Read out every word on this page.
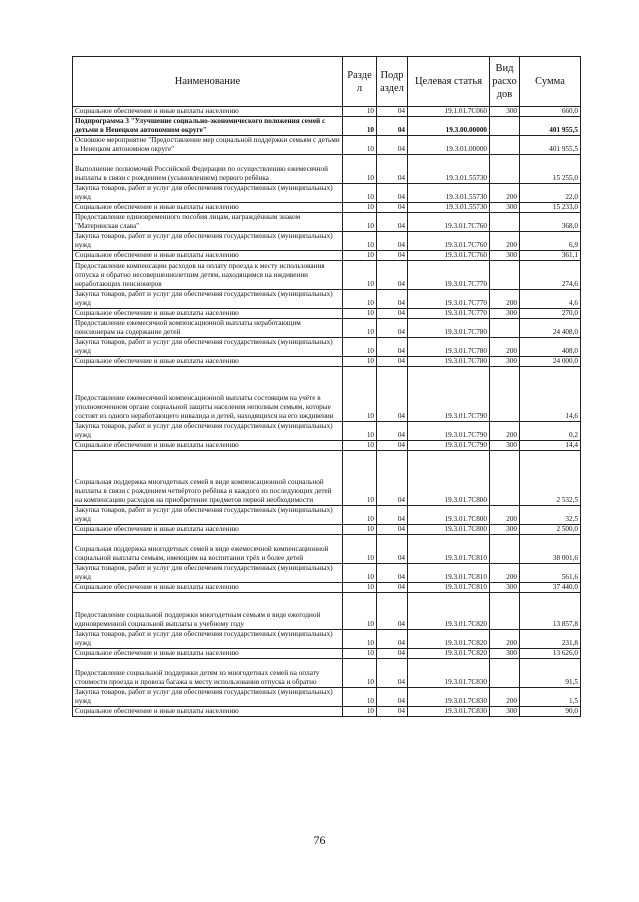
Наименование	Разде л	Подр аздел	Целевая статья	Вид расхо дов	Сумма
Социальное обеспечение и иные выплаты населению	10	04	19.1.01.7С060	300	660,0
Подпрограмма 3 "Улучшение социально-экономического положения семей с детьми в Ненецком автономном округе"	10	04	19.3.00.00000		401 955,5
Основное мероприятие "Предоставление мер социальной поддержки семьям с детьми в Ненецком автономном округе"	10	04	19.3.01.00000		401 955,5
Выполнение полномочий Российской Федерации по осуществлению ежемесячной выплаты в связи с рождением (усыновлением) первого ребёнка	10	04	19.3.01.55730		15 255,0
Закупка товаров, работ и услуг для обеспечения государственных (муниципальных) нужд	10	04	19.3.01.55730	200	22,0
Социальное обеспечение и иные выплаты населению	10	04	19.3.01.55730	300	15 233,0
Предоставление единовременного пособия лицам, награждённым знаком "Материнская слава"	10	04	19.3.01.7С760		368,0
Закупка товаров, работ и услуг для обеспечения государственных (муниципальных) нужд	10	04	19.3.01.7С760	200	6,9
Социальное обеспечение и иные выплаты населению	10	04	19.3.01.7С760	300	361,1
Предоставление компенсации расходов на оплату проезда к месту использования отпуска и обратно несовершеннолетним детям, находящимся на иждивении неработающих пенсионеров	10	04	19.3.01.7С770		274,6
Закупка товаров, работ и услуг для обеспечения государственных (муниципальных) нужд	10	04	19.3.01.7С770	200	4,6
Социальное обеспечение и иные выплаты населению	10	04	19.3.01.7С770	300	270,0
Предоставление ежемесячной компенсационной выплаты неработающим пенсионерам на содержание детей	10	04	19.3.01.7С780		24 408,0
Закупка товаров, работ и услуг для обеспечения государственных (муниципальных) нужд	10	04	19.3.01.7С780	200	408,0
Социальное обеспечение и иные выплаты населению	10	04	19.3.01.7С780	300	24 000,0
Предоставление ежемесячной компенсационной выплаты состоящим на учёте в уполномоченном органе социальной защиты населения неполным семьям, которые состоят из одного неработающего инвалида и детей, находящихся на его иждивении	10	04	19.3.01.7С790		14,6
Закупка товаров, работ и услуг для обеспечения государственных (муниципальных) нужд	10	04	19.3.01.7С790	200	0,2
Социальное обеспечение и иные выплаты населению	10	04	19.3.01.7С790	300	14,4
Социальная поддержка многодетных семей в виде компенсационной социальной выплаты в связи с рождением четвёртого ребёнка и каждого из последующих детей на компенсацию расходов на приобретение предметов первой необходимости	10	04	19.3.01.7С800		2 532,5
Закупка товаров, работ и услуг для обеспечения государственных (муниципальных) нужд	10	04	19.3.01.7С800	200	32,5
Социальное обеспечение и иные выплаты населению	10	04	19.3.01.7С800	300	2 500,0
Социальная поддержка многодетных семей в виде ежемесячной компенсационной социальной выплаты семьям, имеющим на воспитании трёх и более детей	10	04	19.3.01.7С810		38 001,6
Закупка товаров, работ и услуг для обеспечения государственных (муниципальных) нужд	10	04	19.3.01.7С810	200	561,6
Социальное обеспечение и иные выплаты населению	10	04	19.3.01.7С810	300	37 440,0
Предоставление социальной поддержки многодетным семьям в виде ежегодной единовременной социальной выплаты к учебному году	10	04	19.3.01.7С820		13 857,8
Закупка товаров, работ и услуг для обеспечения государственных (муниципальных) нужд	10	04	19.3.01.7С820	200	231,8
Социальное обеспечение и иные выплаты населению	10	04	19.3.01.7С820	300	13 626,0
Предоставление социальной поддержки детям из многодетных семей на оплату стоимости проезда и провоза багажа к месту использования отпуска и обратно	10	04	19.3.01.7С830		91,5
Закупка товаров, работ и услуг для обеспечения государственных (муниципальных) нужд	10	04	19.3.01.7С830	200	1,5
Социальное обеспечение и иные выплаты населению	10	04	19.3.01.7С830	300	90,0
76
